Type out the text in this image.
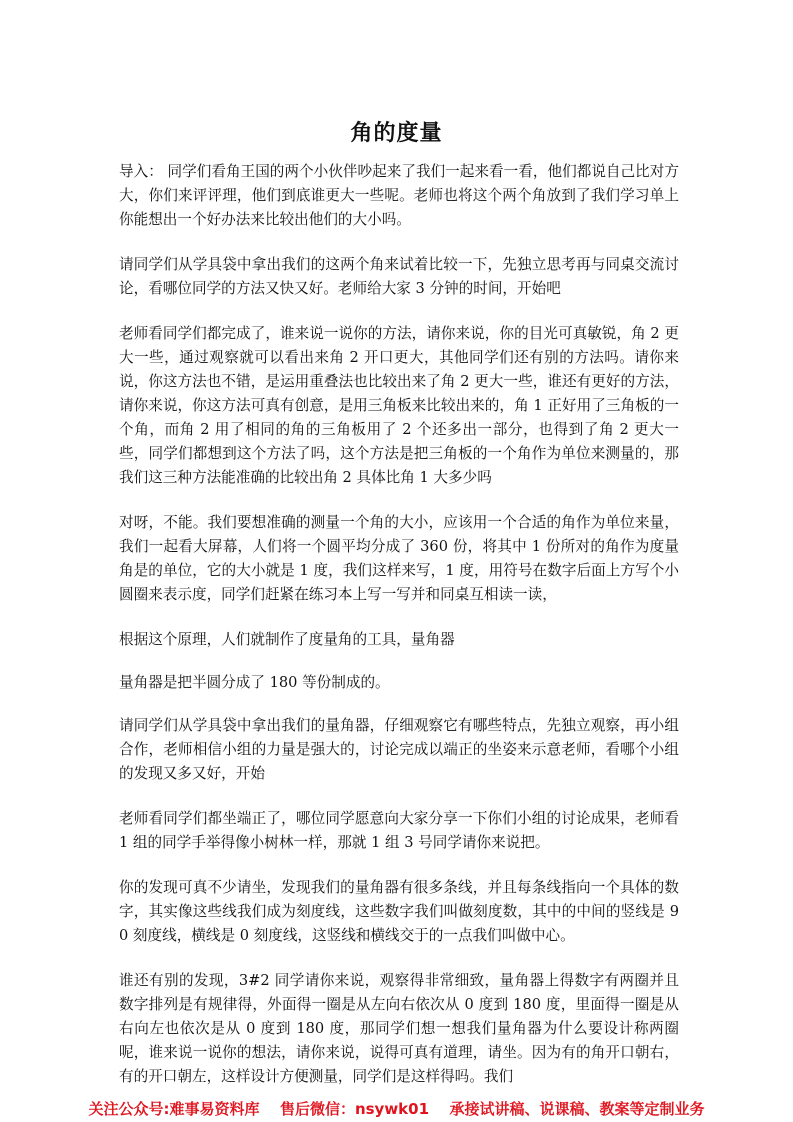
角的度量

导入： 同学们看角王国的两个小伙伴吵起来了我们一起来看一看，他们都说自己比对方大，你们来评评理，他们到底谁更大一些呢。老师也将这个两个角放到了我们学习单上你能想出一个好办法来比较出他们的大小吗。

请同学们从学具袋中拿出我们的这两个角来试着比较一下，先独立思考再与同桌交流讨论，看哪位同学的方法又快又好。老师给大家 3 分钟的时间，开始吧

老师看同学们都完成了，谁来说一说你的方法，请你来说，你的目光可真敏锐，角 2 更大一些，通过观察就可以看出来角 2 开口更大，其他同学们还有别的方法吗。请你来说，你这方法也不错，是运用重叠法也比较出来了角 2 更大一些，谁还有更好的方法，请你来说，你这方法可真有创意，是用三角板来比较出来的，角 1 正好用了三角板的一个角，而角 2 用了相同的角的三角板用了 2 个还多出一部分，也得到了角 2 更大一些，同学们都想到这个方法了吗，这个方法是把三角板的一个角作为单位来测量的，那我们这三种方法能准确的比较出角 2 具体比角 1 大多少吗

对呀，不能。我们要想准确的测量一个角的大小，应该用一个合适的角作为单位来量，我们一起看大屏幕，人们将一个圆平均分成了 360 份，将其中 1 份所对的角作为度量角是的单位，它的大小就是 1 度，我们这样来写，1 度，用符号在数字后面上方写个小圆圈来表示度，同学们赶紧在练习本上写一写并和同桌互相读一读，

根据这个原理，人们就制作了度量角的工具，量角器

量角器是把半圆分成了 180 等份制成的。

请同学们从学具袋中拿出我们的量角器，仔细观察它有哪些特点，先独立观察，再小组合作，老师相信小组的力量是强大的，讨论完成以端正的坐姿来示意老师，看哪个小组的发现又多又好，开始

老师看同学们都坐端正了，哪位同学愿意向大家分享一下你们小组的讨论成果，老师看 1 组的同学手举得像小树林一样，那就 1 组 3 号同学请你来说把。

你的发现可真不少请坐，发现我们的量角器有很多条线，并且每条线指向一个具体的数字，其实像这些线我们成为刻度线，这些数字我们叫做刻度数，其中的中间的竖线是 90 刻度线，横线是 0 刻度线，这竖线和横线交于的一点我们叫做中心。

谁还有别的发现，3#2 同学请你来说，观察得非常细致，量角器上得数字有两圈并且数字排列是有规律得，外面得一圈是从左向右依次从 0 度到 180 度，里面得一圈是从右向左也依次是从 0 度到 180 度，那同学们想一想我们量角器为什么要设计称两圈呢，谁来说一说你的想法，请你来说，说得可真有道理，请坐。因为有的角开口朝右，有的开口朝左，这样设计方便测量，同学们是这样得吗。我们

关注公众号:难事易资料库 售后微信：nsywk01 承接试讲稿、说课稿、教案等定制业务
